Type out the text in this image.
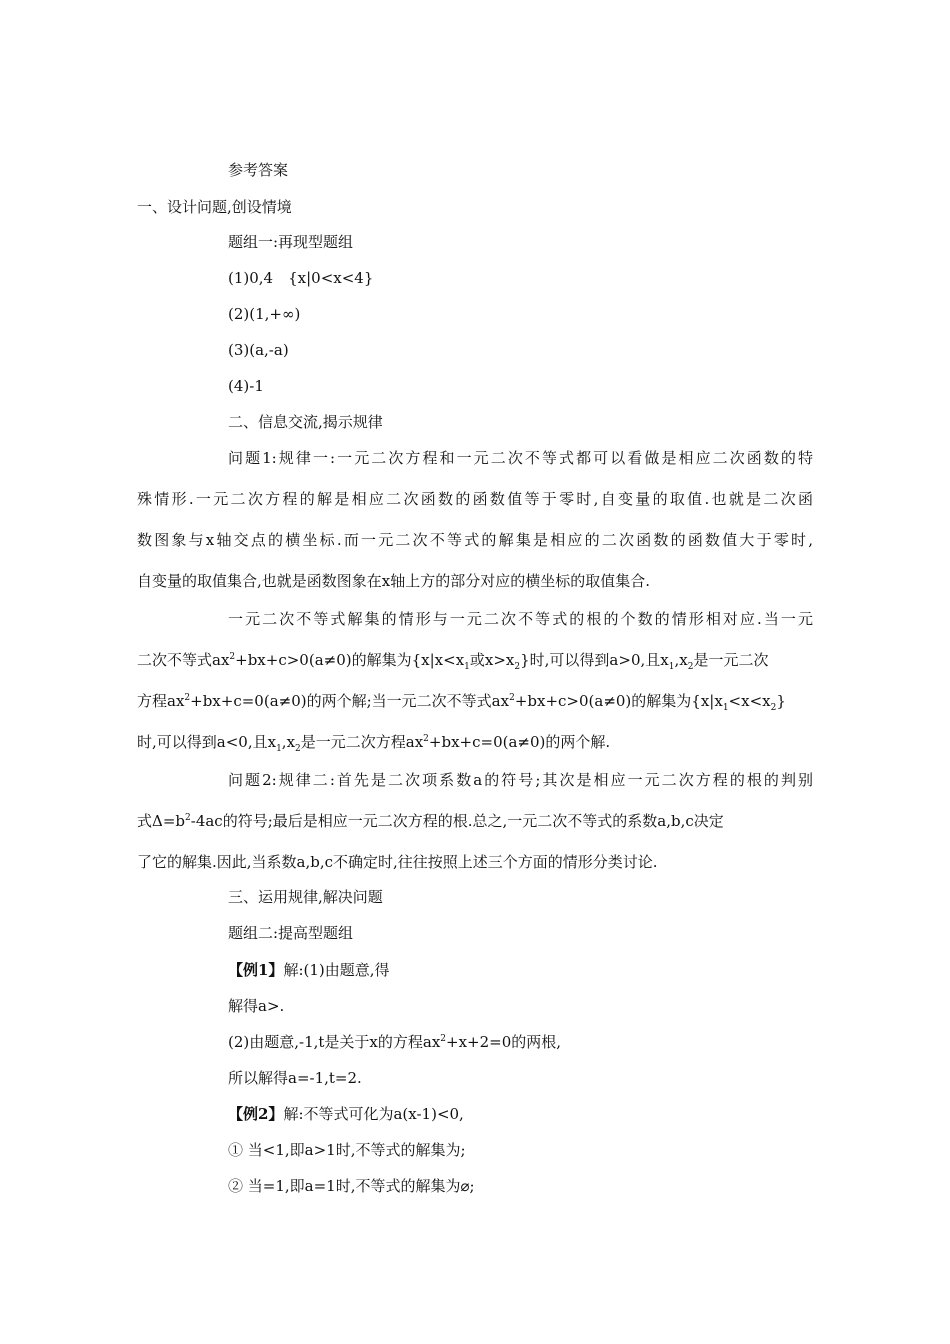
参考答案
一、设计问题,创设情境
题组一:再现型题组
(1)0,4　{x|0<x<4}
(2)(1,+∞)
(3)(a,-a)
(4)-1
二、信息交流,揭示规律
问题1:规律一:一元二次方程和一元二次不等式都可以看做是相应二次函数的特
殊情形.一元二次方程的解是相应二次函数的函数值等于零时,自变量的取值.也就是二次函
数图象与x轴交点的横坐标.而一元二次不等式的解集是相应的二次函数的函数值大于零时,
自变量的取值集合,也就是函数图象在x轴上方的部分对应的横坐标的取值集合.
一元二次不等式解集的情形与一元二次不等式的根的个数的情形相对应.当一元
二次不等式$ax^2+bx+c>0(a\ne 0)$的解集为{$x|x<x_1$或$x>x_2$}时,可以得到a>0,且$x_1,x_2$是一元二次
方程$ax^2+bx+c=0(a\ne 0)$的两个解;当一元二次不等式$ax^2+bx+c>0(a\ne 0)$的解集为$\{x|x_1<x<x_2\}$
时,可以得到a<0,且$x_1,x_2$是一元二次方程$ax^2+bx+c=0(a\ne 0)$的两个解.
问题2:规律二:首先是二次项系数a的符号;其次是相应一元二次方程的根的判别
式$\Delta=b^2-4ac$的符号;最后是相应一元二次方程的根.总之,一元二次不等式的系数a,b,c决定
了它的解集.因此,当系数a,b,c不确定时,往往按照上述三个方面的情形分类讨论.
三、运用规律,解决问题
题组二:提高型题组
【例1】解:(1)由题意,得
解得a>.
(2)由题意,-1,t是关于x的方程$ax^2+x+2=0$的两根,
所以解得a=-1,t=2.
【例2】解:不等式可化为a(x-1)<0,
① 当<1,即a>1时,不等式的解集为;
② 当=1,即a=1时,不等式的解集为⌀;
